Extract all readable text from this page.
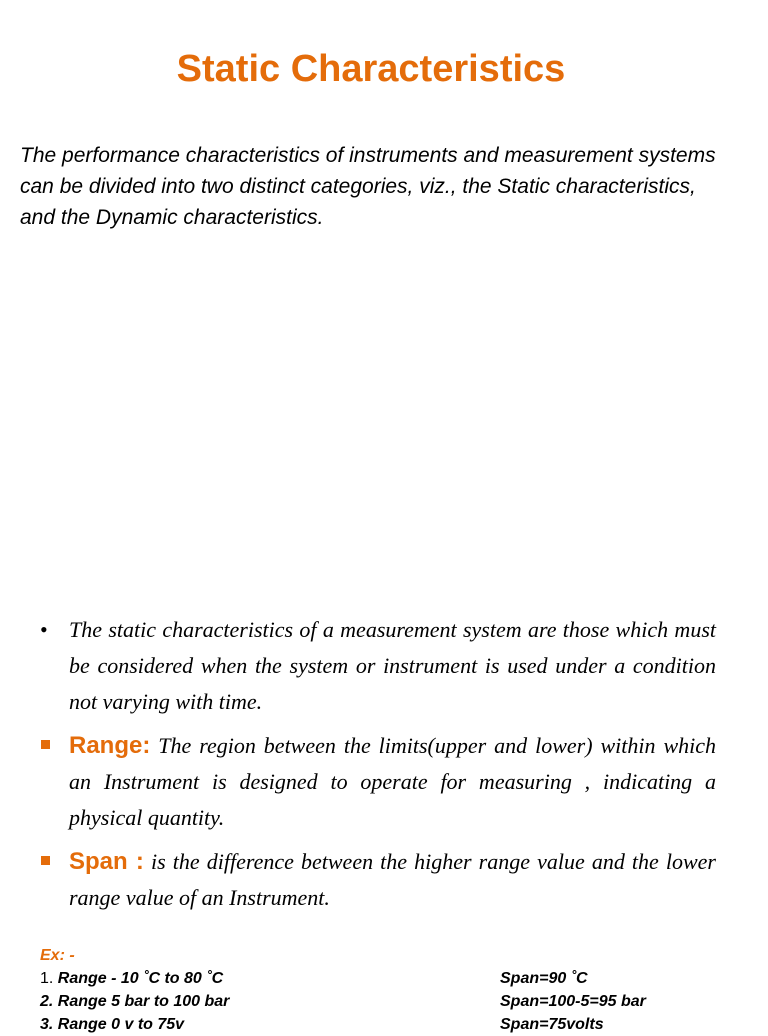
Static Characteristics

The performance characteristics of instruments and measurement systems can be divided into two distinct categories, viz., the Static characteristics, and the Dynamic characteristics.

• The static characteristics of a measurement system are those which must be considered when the system or instrument is used under a condition not varying with time.
Range: The region between the limits(upper and lower) within which an Instrument is designed to operate for measuring , indicating a physical quantity.
Span : is the difference between the higher range value and the lower range value of an Instrument.
Ex: -
1. Range - 10 ˚C to 80 ˚C	Span=90 ˚C
2. Range 5 bar to 100 bar	Span=100-5=95 bar
3. Range 0 v to 75v	Span=75volts
